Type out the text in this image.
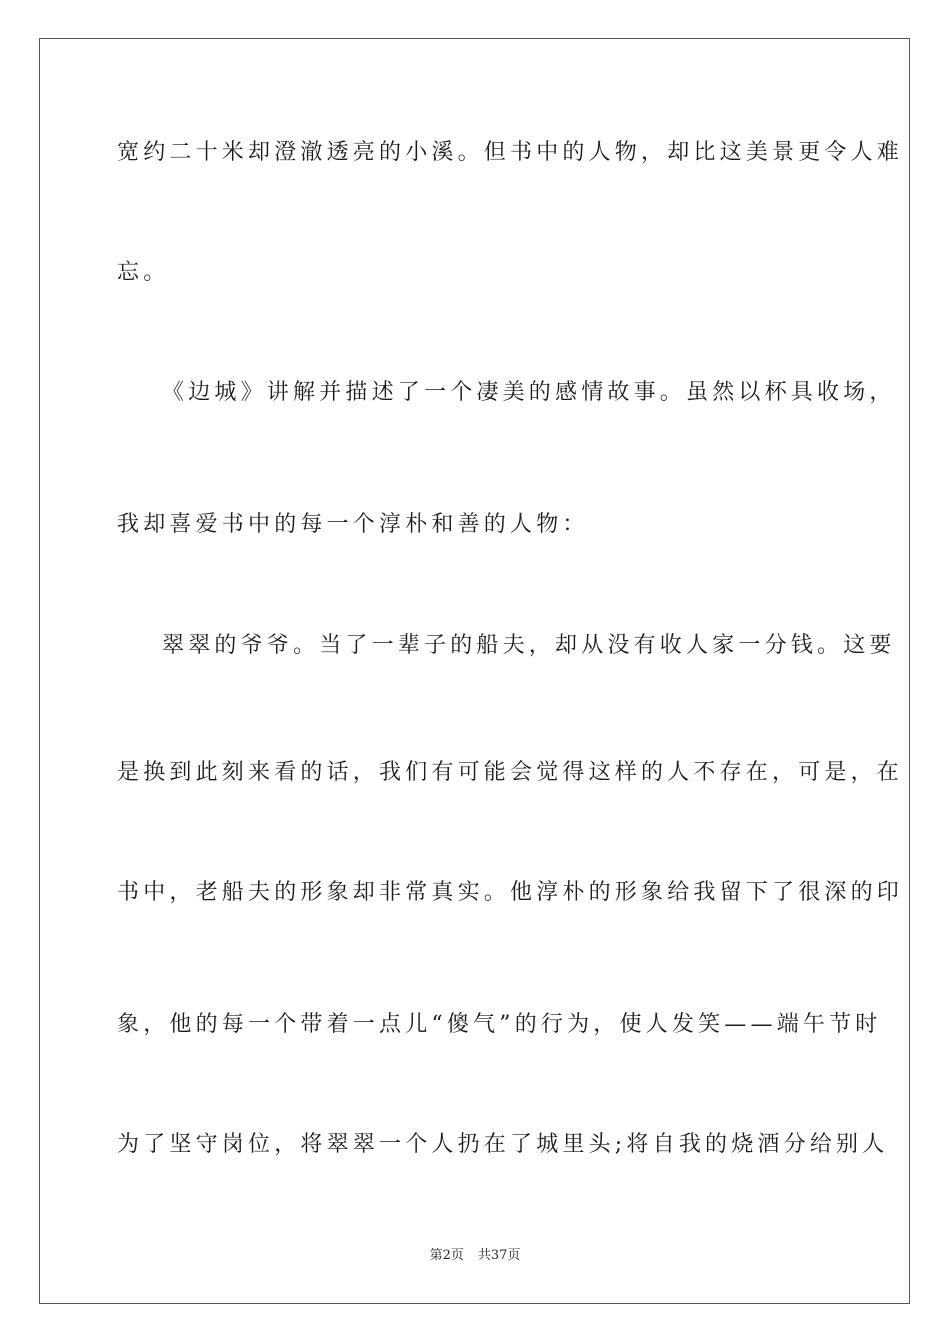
宽约二十米却澄澈透亮的小溪。但书中的人物，却比这美景更令人难
忘。
《边城》讲解并描述了一个凄美的感情故事。虽然以杯具收场，
我却喜爱书中的每一个淳朴和善的人物：
翠翠的爷爷。当了一辈子的船夫，却从没有收人家一分钱。这要
是换到此刻来看的话，我们有可能会觉得这样的人不存在，可是，在
书中，老船夫的形象却非常真实。他淳朴的形象给我留下了很深的印
象，他的每一个带着一点儿“傻气”的行为，使人发笑——端午节时
为了坚守岗位，将翠翠一个人扔在了城里头;将自我的烧酒分给别人
第2页 共37页
